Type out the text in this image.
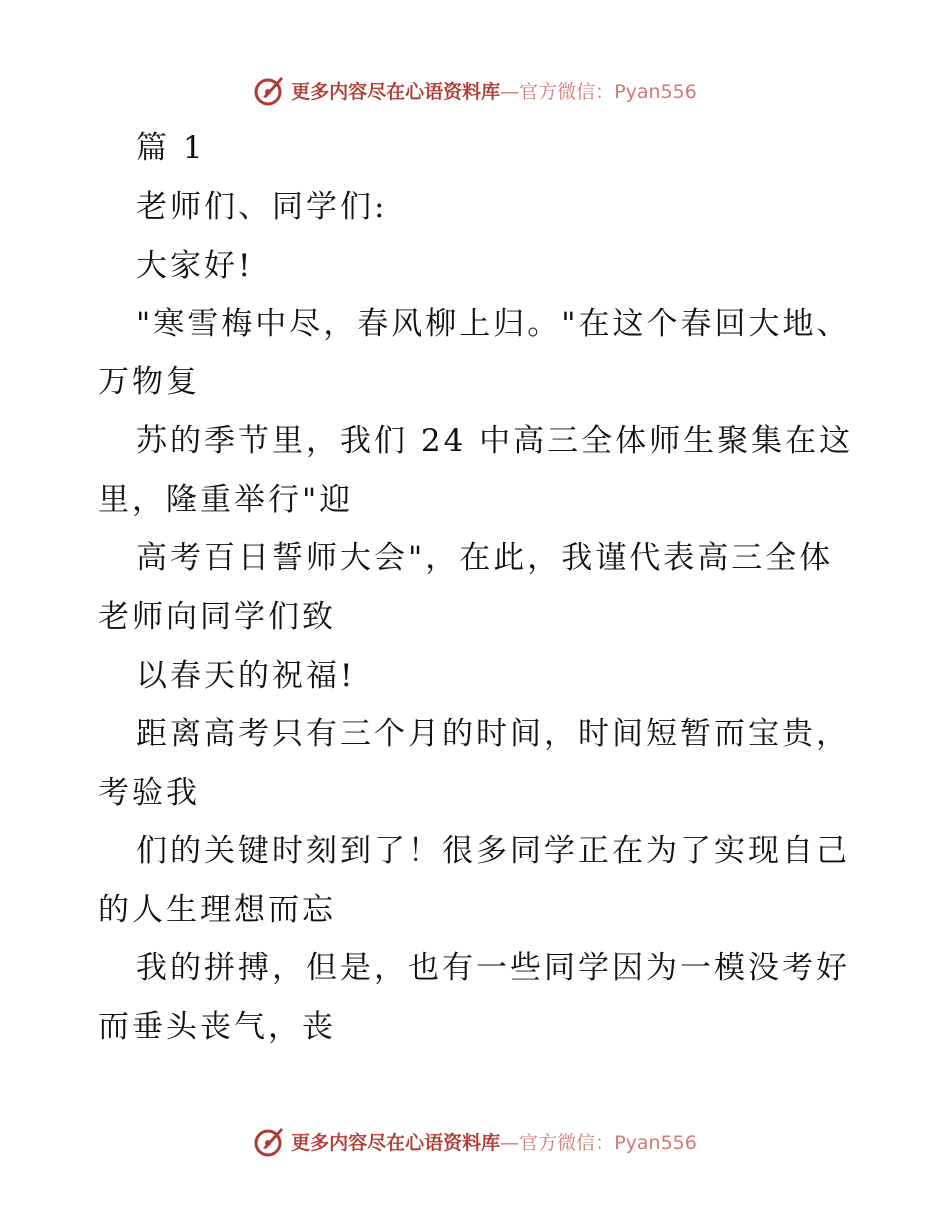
更多内容尽在心语资料库—官方微信：Pyan556
篇 1
老师们、同学们:
大家好!
"寒雪梅中尽，春风柳上归。"在这个春回大地、
万物复
苏的季节里，我们 24 中高三全体师生聚集在这
里，隆重举行"迎
高考百日誓师大会"，在此，我谨代表高三全体
老师向同学们致
以春天的祝福!
距离高考只有三个月的时间，时间短暂而宝贵，
考验我
们的关键时刻到了！很多同学正在为了实现自己
的人生理想而忘
我的拼搏，但是，也有一些同学因为一模没考好
而垂头丧气，丧
更多内容尽在心语资料库—官方微信：Pyan556
